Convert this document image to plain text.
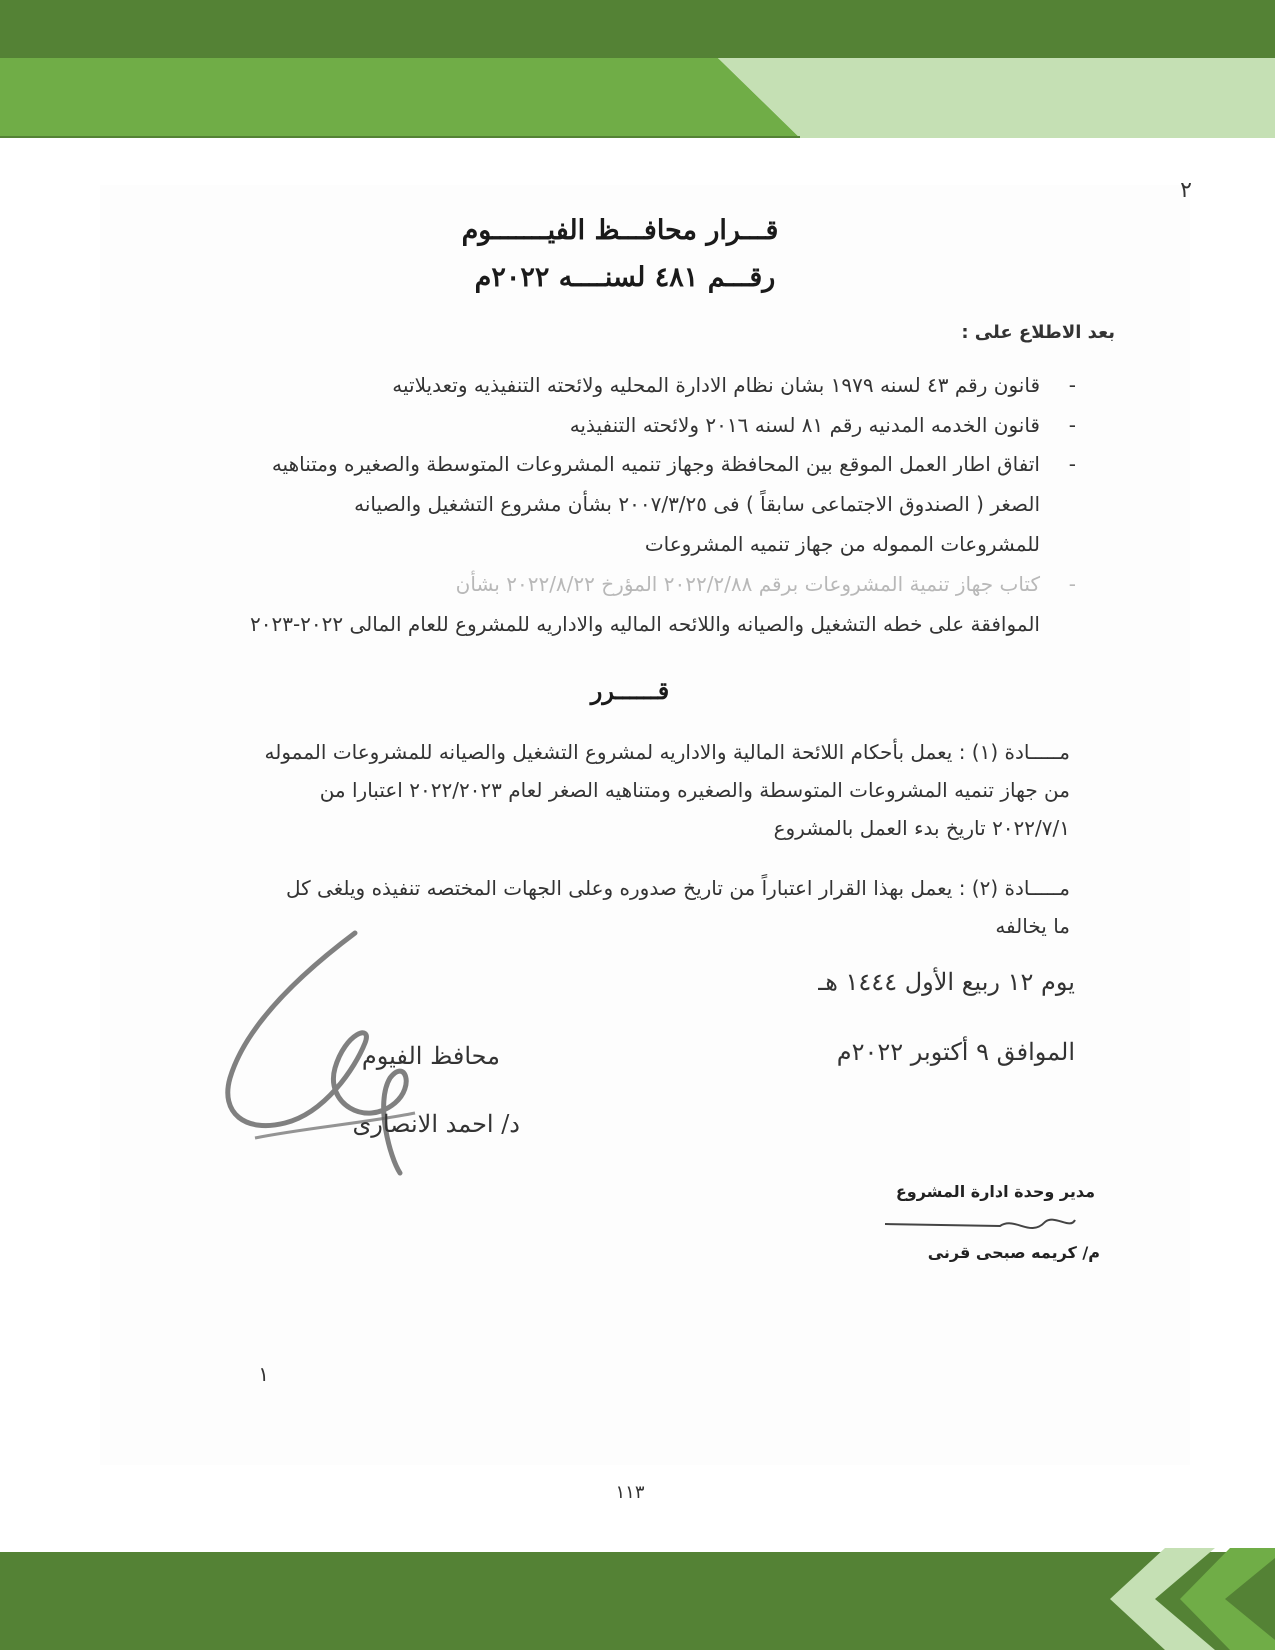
٢
قـــرار محافـــظ الفيـــــــوم
رقـــم ٤٨١ لسنــــه ٢٠٢٢م
بعد الاطلاع على :
-
قانون رقم ٤٣ لسنه ١٩٧٩ بشان نظام الادارة المحليه ولائحته التنفيذيه وتعديلاتيه
-
قانون الخدمه المدنيه رقم ٨١ لسنه ٢٠١٦ ولائحته التنفيذيه
-
اتفاق اطار العمل الموقع بين المحافظة وجهاز تنميه المشروعات المتوسطة والصغيره ومتناهيه
الصغر ( الصندوق الاجتماعى سابقاً ) فى ٢٠٠٧/٣/٢٥ بشأن مشروع التشغيل والصيانه
للمشروعات المموله من جهاز تنميه المشروعات
-
كتاب جهاز تنمية المشروعات برقم ٢٠٢٢/٢/٨٨ المؤرخ ٢٠٢٢/٨/٢٢ بشأن
الموافقة على خطه التشغيل والصيانه واللائحه الماليه والاداريه للمشروع للعام المالى ٢٠٢٢-٢٠٢٣
قــــــرر
مـــــادة (١) : يعمل بأحكام اللائحة المالية والاداريه لمشروع التشغيل والصيانه للمشروعات المموله
من جهاز تنميه المشروعات المتوسطة والصغيره ومتناهيه الصغر لعام ٢٠٢٢/٢٠٢٣ اعتبارا من
٢٠٢٢/٧/١ تاريخ بدء العمل بالمشروع
مـــــادة (٢) : يعمل بهذا القرار اعتباراً من تاريخ صدوره وعلى الجهات المختصه تنفيذه ويلغى كل
ما يخالفه
يوم ١٢ ربيع الأول ١٤٤٤ هـ
الموافق ٩ أكتوبر ٢٠٢٢م
محافظ الفيوم
د/ احمد الانصارى
مدير وحدة ادارة المشروع
م/ كريمه صبحى قرنى
١
١١٣
